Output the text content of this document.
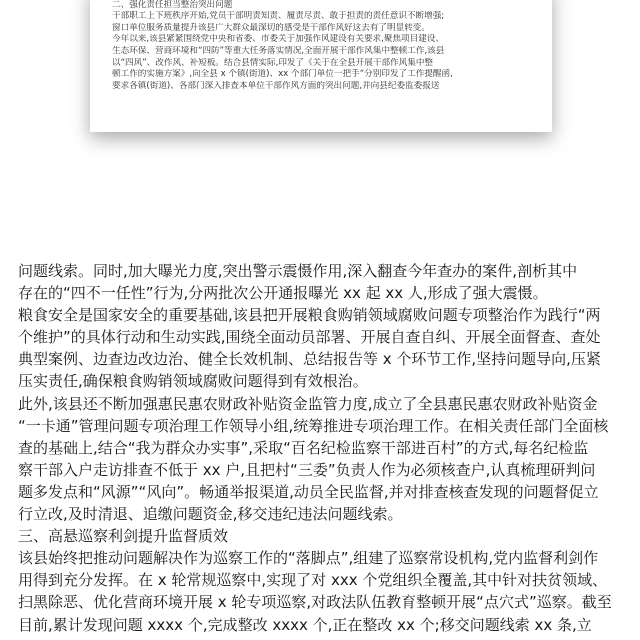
二、强化责任担当整治突出问题
干部职工上下班秩序开始,党员干部明责知责、履责尽责、敢于担责的责任意识不断增强;
窗口单位服务质量提升该县广大群众最深切的感受是干部作风好这去有了明显转变。
今年以来,该县紧紧围绕党中央和省委、市委关于加强作风建设有关要求,聚焦项目建设、
生态环保、营商环境和“四防”等重大任务落实情况,全面开展干部作风集中整顿工作,该县
以“四风”、改作风、补短板。结合县情实际,印发了《关于在全县开展干部作风集中整
顿工作的实施方案》,向全县 x 个镇(街道)、xx 个部门单位一把手“分别印发了工作提醒函,
要求各镇(街道)、各部门深入排查本单位干部作风方面的突出问题,并向县纪委监委报送
问题线索。同时,加大曝光力度,突出警示震慑作用,深入翻查今年查办的案件,剖析其中
存在的“四不一任性”行为,分两批次公开通报曝光 xx 起 xx 人,形成了强大震慑。
粮食安全是国家安全的重要基础,该县把开展粮食购销领域腐败问题专项整治作为践行“两
个维护”的具体行动和生动实践,围绕全面动员部署、开展自查自纠、开展全面督查、查处
典型案例、边查边改边治、健全长效机制、总结报告等 x 个环节工作,坚持问题导向,压紧
压实责任,确保粮食购销领域腐败问题得到有效根治。
此外,该县还不断加强惠民惠农财政补贴资金监管力度,成立了全县惠民惠农财政补贴资金
“一卡通”管理问题专项治理工作领导小组,统筹推进专项治理工作。在相关责任部门全面核
查的基础上,结合“我为群众办实事”,采取“百名纪检监察干部进百村”的方式,每名纪检监
察干部入户走访排查不低于 xx 户,且把村“三委”负责人作为必须核查户,认真梳理研判问
题多发点和“风源”“风向”。畅通举报渠道,动员全民监督,并对排查核查发现的问题督促立
行立改,及时清退、追缴问题资金,移交违纪违法问题线索。
三、高悬巡察利剑提升监督质效
该县始终把推动问题解决作为巡察工作的“落脚点”,组建了巡察常设机构,党内监督利剑作
用得到充分发挥。在 x 轮常规巡察中,实现了对 xxx 个党组织全覆盖,其中针对扶贫领域、
扫黑除恶、优化营商环境开展 x 轮专项巡察,对政法队伍教育整顿开展“点穴式”巡察。截至
目前,累计发现问题 xxxx 个,完成整改 xxxx 个,正在整改 xx 个;移交问题线索 xx 条,立
